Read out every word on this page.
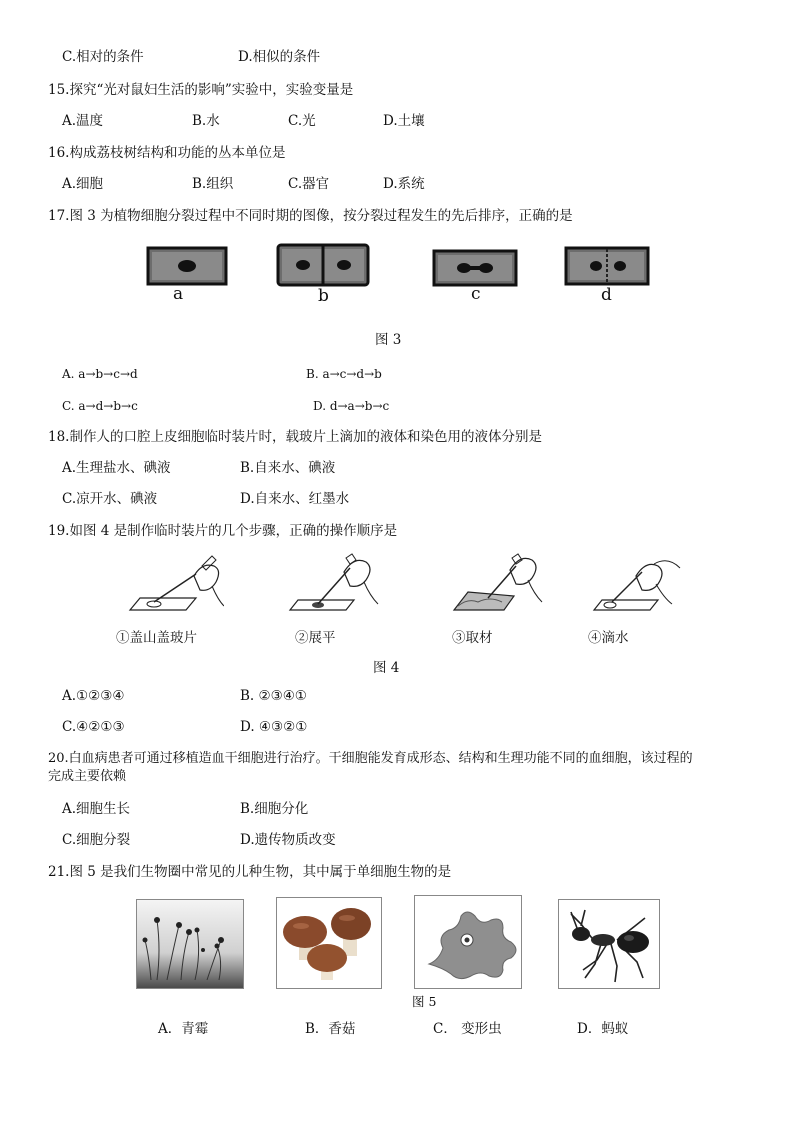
C.相对的条件	D.相似的条件
15.探究“光对鼠妇生活的影响”实验中，实验变量是
A.温度	B.水	C.光	D.土壤
16.构成荔枝树结构和功能的丛本单位是
A.细胞	B.组织	C.器官	D.系统
17.图 3 为植物细胞分裂过程中不同时期的图像，按分裂过程发生的先后排序，正确的是
a	b	c	d
图 3
A. a→b→c→d	B. a→c→d→b
C. a→d→b→c	D. d→a→b→c
18.制作人的口腔上皮细胞临时装片时，载玻片上滴加的液体和染色用的液体分别是
A.生理盐水、碘液	B.自来水、碘液
C.凉开水、碘液	D.自来水、红墨水
19.如图 4 是制作临时装片的几个步骤，正确的操作顺序是
①盖山盖玻片	②展平	③取材	④滴水
图 4
A.①②③④	B. ②③④①
C.④②①③	D. ④③②①
20.白血病患者可通过移植造血干细胞进行治疗。干细胞能发育成形态、结构和生理功能不同的血细胞，该过程的
完成主要依赖
A.细胞生长	B.细胞分化
C.细胞分裂	D.遗传物质改变
21.图 5 是我们生物圈中常见的儿种生物，其中属于单细胞生物的是
图 5
A．青霉	B．香菇	C． 变形虫	D．蚂蚁
